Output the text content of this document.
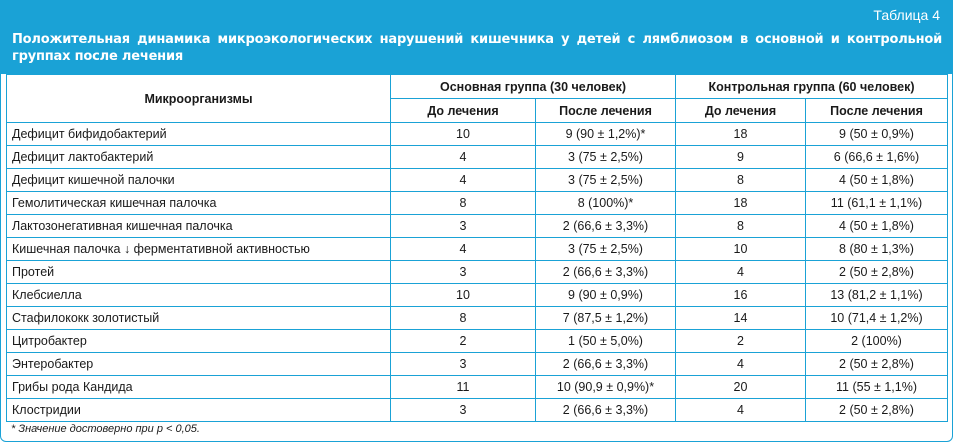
Таблица 4
Положительная динамика микроэкологических нарушений кишечника у детей с лямблиозом в основной и контрольной группах после лечения
Микроорганизмы	Основная группа (30 человек)		Контрольная группа (60 человек)	
	До лечения	После лечения	До лечения	После лечения
Дефицит бифидобактерий	10	9 (90 ± 1,2%)*	18	9 (50 ± 0,9%)
Дефицит лактобактерий	4	3 (75 ± 2,5%)	9	6 (66,6 ± 1,6%)
Дефицит кишечной палочки	4	3 (75 ± 2,5%)	8	4 (50 ± 1,8%)
Гемолитическая кишечная палочка	8	8 (100%)*	18	11 (61,1 ± 1,1%)
Лактозонегативная кишечная палочка	3	2 (66,6 ± 3,3%)	8	4 (50 ± 1,8%)
Кишечная палочка ↓ ферментативной активностью	4	3 (75 ± 2,5%)	10	8 (80 ± 1,3%)
Протей	3	2 (66,6 ± 3,3%)	4	2 (50 ± 2,8%)
Клебсиелла	10	9 (90 ± 0,9%)	16	13 (81,2 ± 1,1%)
Стафилококк золотистый	8	7 (87,5 ± 1,2%)	14	10 (71,4 ± 1,2%)
Цитробактер	2	1 (50 ± 5,0%)	2	2 (100%)
Энтеробактер	3	2 (66,6 ± 3,3%)	4	2 (50 ± 2,8%)
Грибы рода Кандида	11	10 (90,9 ± 0,9%)*	20	11 (55 ± 1,1%)
Клостридии	3	2 (66,6 ± 3,3%)	4	2 (50 ± 2,8%)
* Значение достоверно при р < 0,05.
